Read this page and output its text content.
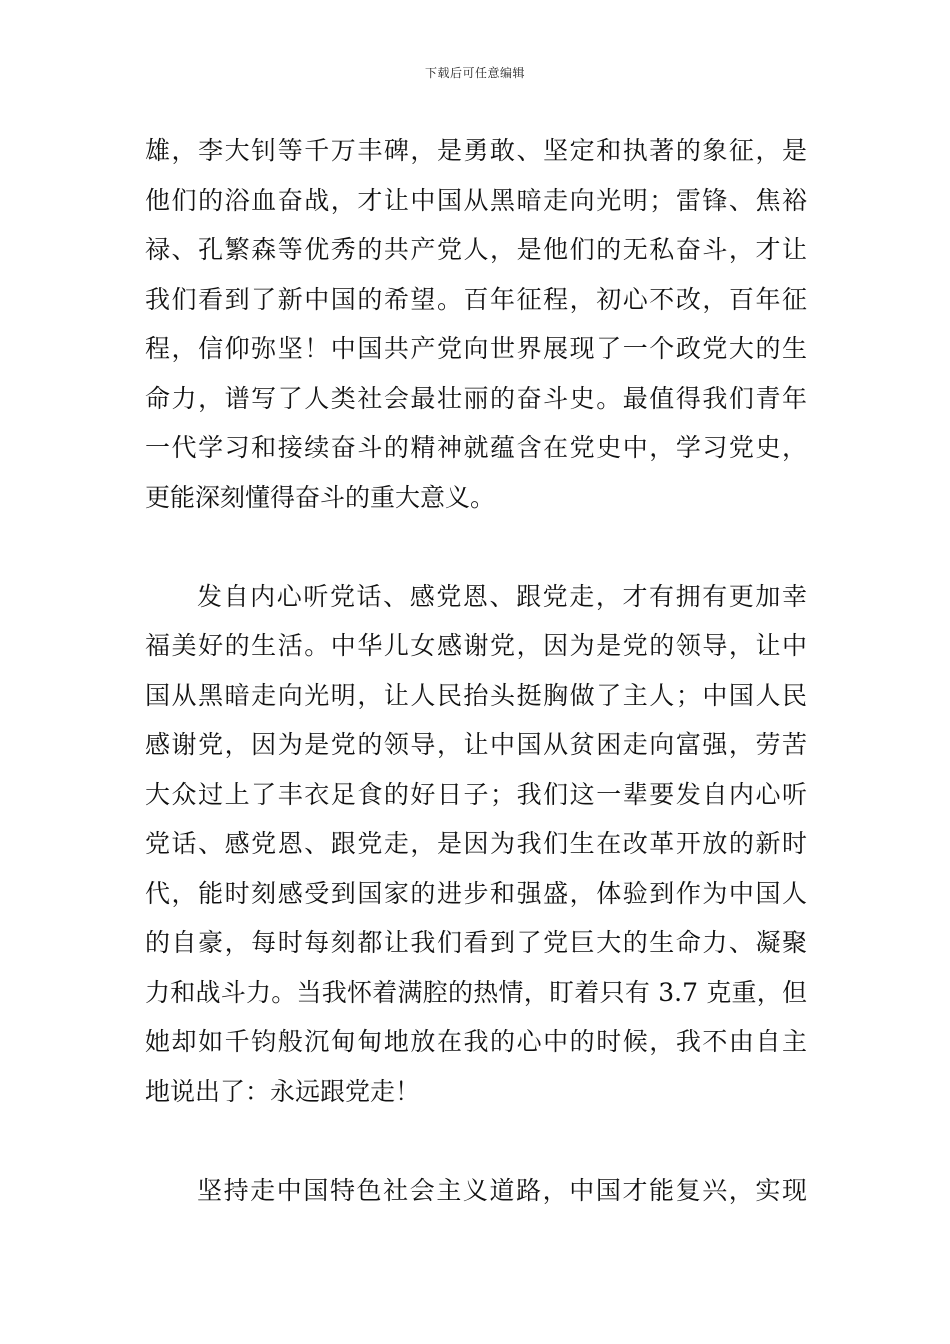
下载后可任意编辑
雄，李大钊等千万丰碑，是勇敢、坚定和执著的象征，是
他们的浴血奋战，才让中国从黑暗走向光明；雷锋、焦裕
禄、孔繁森等优秀的共产党人，是他们的无私奋斗，才让
我们看到了新中国的希望。百年征程，初心不改，百年征
程，信仰弥坚！中国共产党向世界展现了一个政党大的生
命力，谱写了人类社会最壮丽的奋斗史。最值得我们青年
一代学习和接续奋斗的精神就蕴含在党史中，学习党史，
更能深刻懂得奋斗的重大意义。
发自内心听党话、感党恩、跟党走，才有拥有更加幸
福美好的生活。中华儿女感谢党，因为是党的领导，让中
国从黑暗走向光明，让人民抬头挺胸做了主人；中国人民
感谢党，因为是党的领导，让中国从贫困走向富强，劳苦
大众过上了丰衣足食的好日子；我们这一辈要发自内心听
党话、感党恩、跟党走，是因为我们生在改革开放的新时
代，能时刻感受到国家的进步和强盛，体验到作为中国人
的自豪，每时每刻都让我们看到了党巨大的生命力、凝聚
力和战斗力。当我怀着满腔的热情，盯着只有 3.7 克重，但
她却如千钧般沉甸甸地放在我的心中的时候，我不由自主
地说出了：永远跟党走！
坚持走中国特色社会主义道路，中国才能复兴，实现
